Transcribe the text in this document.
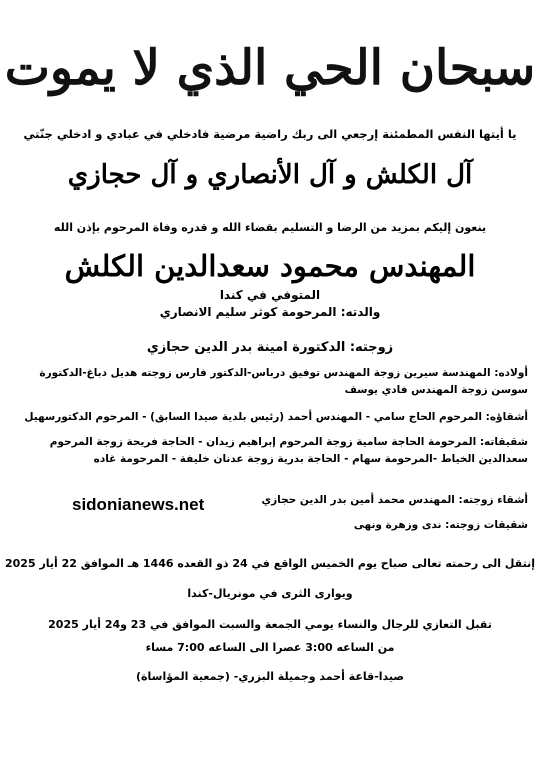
سبحان الحي الذي لا يموت
يا أيتها النفس المطمئنة إرجعي الى ربك راضية مرضية فادخلي في عبادي و ادخلي جنّتي
آل الكلش و آل الأنصاري و آل حجازي
ينعون إليكم بمزيد من الرضا و التسليم بقضاء الله و قدره وفاة المرحوم بإذن الله
المهندس محمود سعدالدين الكلش
المتوفي في كندا
والدته: المرحومة كوثر سليم الانصاري
زوجته: الدكتورة امينة بدر الدين حجازي
أولاده: المهندسة سيرين زوجة المهندس توفيق درباس-الدكتور فارس زوجته هديل دباغ-الدكتورة سوسن زوجة المهندس فادي يوسف
أشقاؤه: المرحوم الحاج سامي - المهندس أحمد (رئيس بلدية صيدا السابق) - المرحوم الدكتورسهيل
شقيقاته: المرحومة الحاجة سامية زوجة المرحوم إبراهيم زيدان - الحاجة فريحة زوجة المرحوم سعدالدين الخياط -المرحومة سهام - الحاجة بدرية زوجة عدنان خليفة - المرحومة غاده
sidonianews.net	أشقاء زوجته: المهندس محمد أمين بدر الدين حجازي
شقيقات زوجته: ندى وزهرة ونهى
إنتقل الى رحمته تعالى صباح يوم الخميس الواقع في 24 ذو القعده 1446 هـ الموافق 22 أيار 2025
ويوارى الثرى في مونريال-كندا
تقبل التعازي للرجال والنساء يومي الجمعة والسبت الموافق في 23 و24 أيار 2025
من الساعه 3:00 عصرا الى الساعه 7:00 مساء
صيدا-قاعة أحمد وجميلة البزري- (جمعية المؤاساة)
